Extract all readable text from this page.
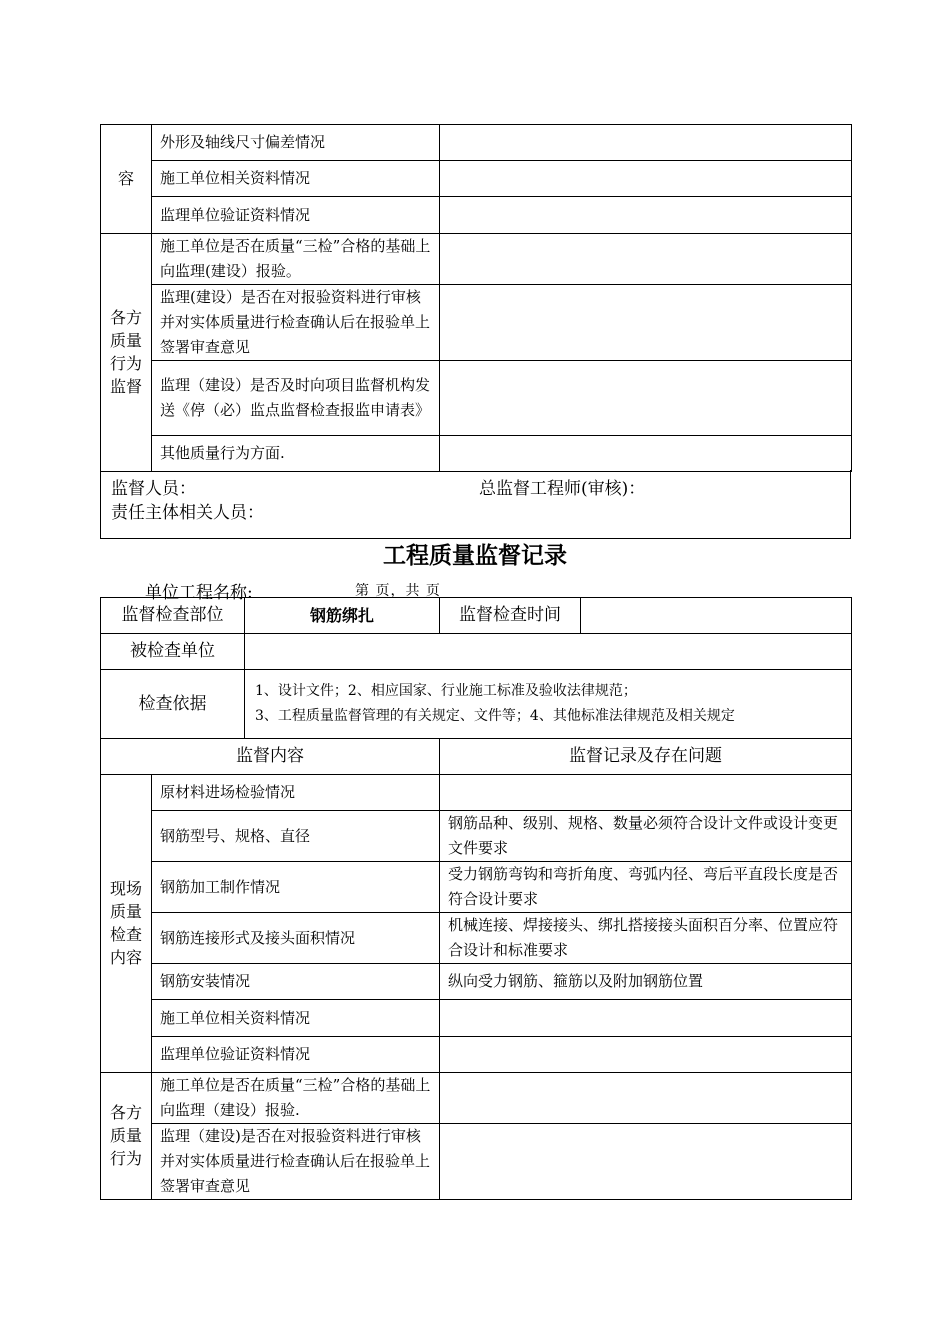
容	外形及轴线尺寸偏差情况	
	施工单位相关资料情况	
	监理单位验证资料情况	
各方质量行为监督	施工单位是否在质量“三检”合格的基础上向监理(建设）报验。	
	监理(建设）是否在对报验资料进行审核并对实体质量进行检查确认后在报验单上签署审查意见	
	监理（建设）是否及时向项目监督机构发送《停（必）监点监督检查报监申请表》	
	其他质量行为方面.	
监督人员：	总监督工程师(审核)：
责任主体相关人员：
工程质量监督记录
单位工程名称:	第 页，共 页
监督检查部位		钢筋绑扎	监督检查时间	
被检查单位				
检查依据		1、设计文件；2、相应国家、行业施工标准及验收法律规范；
3、工程质量监督管理的有关规定、文件等；4、其他标准法律规范及相关规定		

监督内容			监督记录及存在问题	
现场质量检查内容	原材料进场检验情况			
	钢筋型号、规格、直径		钢筋品种、级别、规格、数量必须符合设计文件或设计变更文件要求	
	钢筋加工制作情况		受力钢筋弯钩和弯折角度、弯弧内径、弯后平直段长度是否符合设计要求	
	钢筋连接形式及接头面积情况		机械连接、焊接接头、绑扎搭接接头面积百分率、位置应符合设计和标准要求	
	钢筋安装情况		纵向受力钢筋、箍筋以及附加钢筋位置	
	施工单位相关资料情况			
	监理单位验证资料情况			
各方质量行为	施工单位是否在质量“三检”合格的基础上向监理（建设）报验.			
	监理（建设)是否在对报验资料进行审核并对实体质量进行检查确认后在报验单上签署审查意见			
